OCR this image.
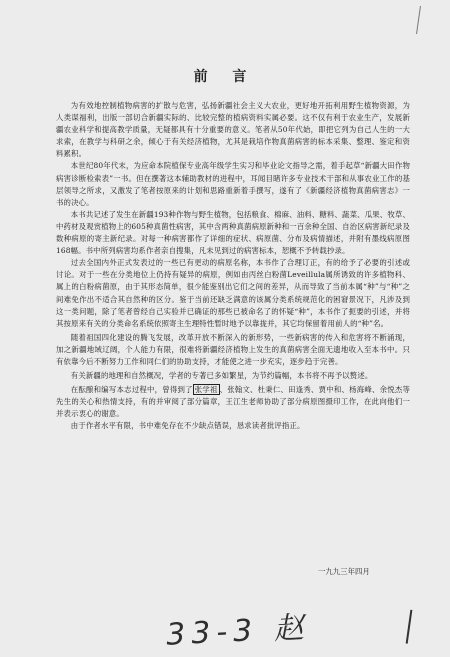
前 言

为有效地控制植物病害的扩散与危害，弘扬新疆社会主义大农业，更好地开拓利用野生植物资源，为人类谋福利，出版一部切合新疆实际的、比较完整的植病资料实属必要。这不仅有利于农业生产，发展新疆农业科学和提高教学质量，无疑都具有十分重要的意义。笔者从50年代始，即把它列为自己人生的一大求索，在教学与科研之余，倾心于有关经济植物，尤其是栽培作物真菌病害的标本采集、整理、鉴定和资料累积。

本世纪80年代末，为应命本院植保专业高年级学生实习和毕业论文指导之需，着手起草“新疆大田作物病害诊断检索表”一书。但在撰著这本辅助教材的进程中，耳闻目睹许多专业技术干部和从事农业工作的基层领导之所求，又激发了笔者按原来的计划和思路重新着手撰写，遂有了《新疆经济植物真菌病害志》一书的决心。

本书共记述了发生在新疆193种作物与野生植物，包括粮食、棉麻、油料、糖料、蔬菜、瓜果、牧草、中药材及观赏植物上的605种真菌性病害，其中含两种真菌病原新种和一百余种全国、自治区病害新纪录及数种病原的寄主新纪录。对每一种病害都作了详细的症状、病原菌、分布及病情描述，并附有墨线病原图168幅。书中所列病害均系作者亲自搜集，凡未见到过的病害标本，恕概不予转载抄录。

过去全国内外正式发表过的一些已有更动的病原名称，本书作了合理订正，有的给予了必要的引述或讨论。对于一些在分类地位上仍持有疑异的病原，例如由丙丝白粉菌Leveillula属所诱致的许多植物科、属上的白粉病菌原，由于其形态简单，很少能鉴别出它们之间的差异，从而导致了当前本属“种”与“种”之间难免作出不适合其自然种的区分。鉴于当前还缺乏满意的该属分类系统规范化的困窘景况下，凡涉及到这一类问题，除了笔者曾经自己实验并已确证的那些已被命名了的怀疑“种”，本书作了扼要的引述，并将其按原来有关的分类命名系统依照寄主生理特性暂时地予以靠拢并，其它均保留着用前人的“种”名。

随着祖国四化建设的腾飞发展，改革开放不断深入的新形势，一些新病害的传入和危害将不断涌现，加之新疆地域辽阔，个人能力有限，很难将新疆经济植物上发生的真菌病害全面无遗地收入至本书中。只有依靠今后不断努力工作和同仁们的协助支持，才能使之进一步充实，逐步趋于完善。

有关新疆的地理和自然概况，学者的专著已多如繁星，为节约篇幅，本书将不再予以赘述。

在酝酿和编写本志过程中，曾得到了 张学祖 、张翰文、杜秉仁、田逢秀、贾中和、杨海峰、余悦杰等先生的关心和热情支持，有的并审阅了部分篇章，王江生老师协助了部分病原图摄印工作，在此向他们一并表示衷心的谢意。

由于作者水平有限，书中难免存在不少缺点错误，恳求读者批评指正。

一九九三年四月
33-3 赵
